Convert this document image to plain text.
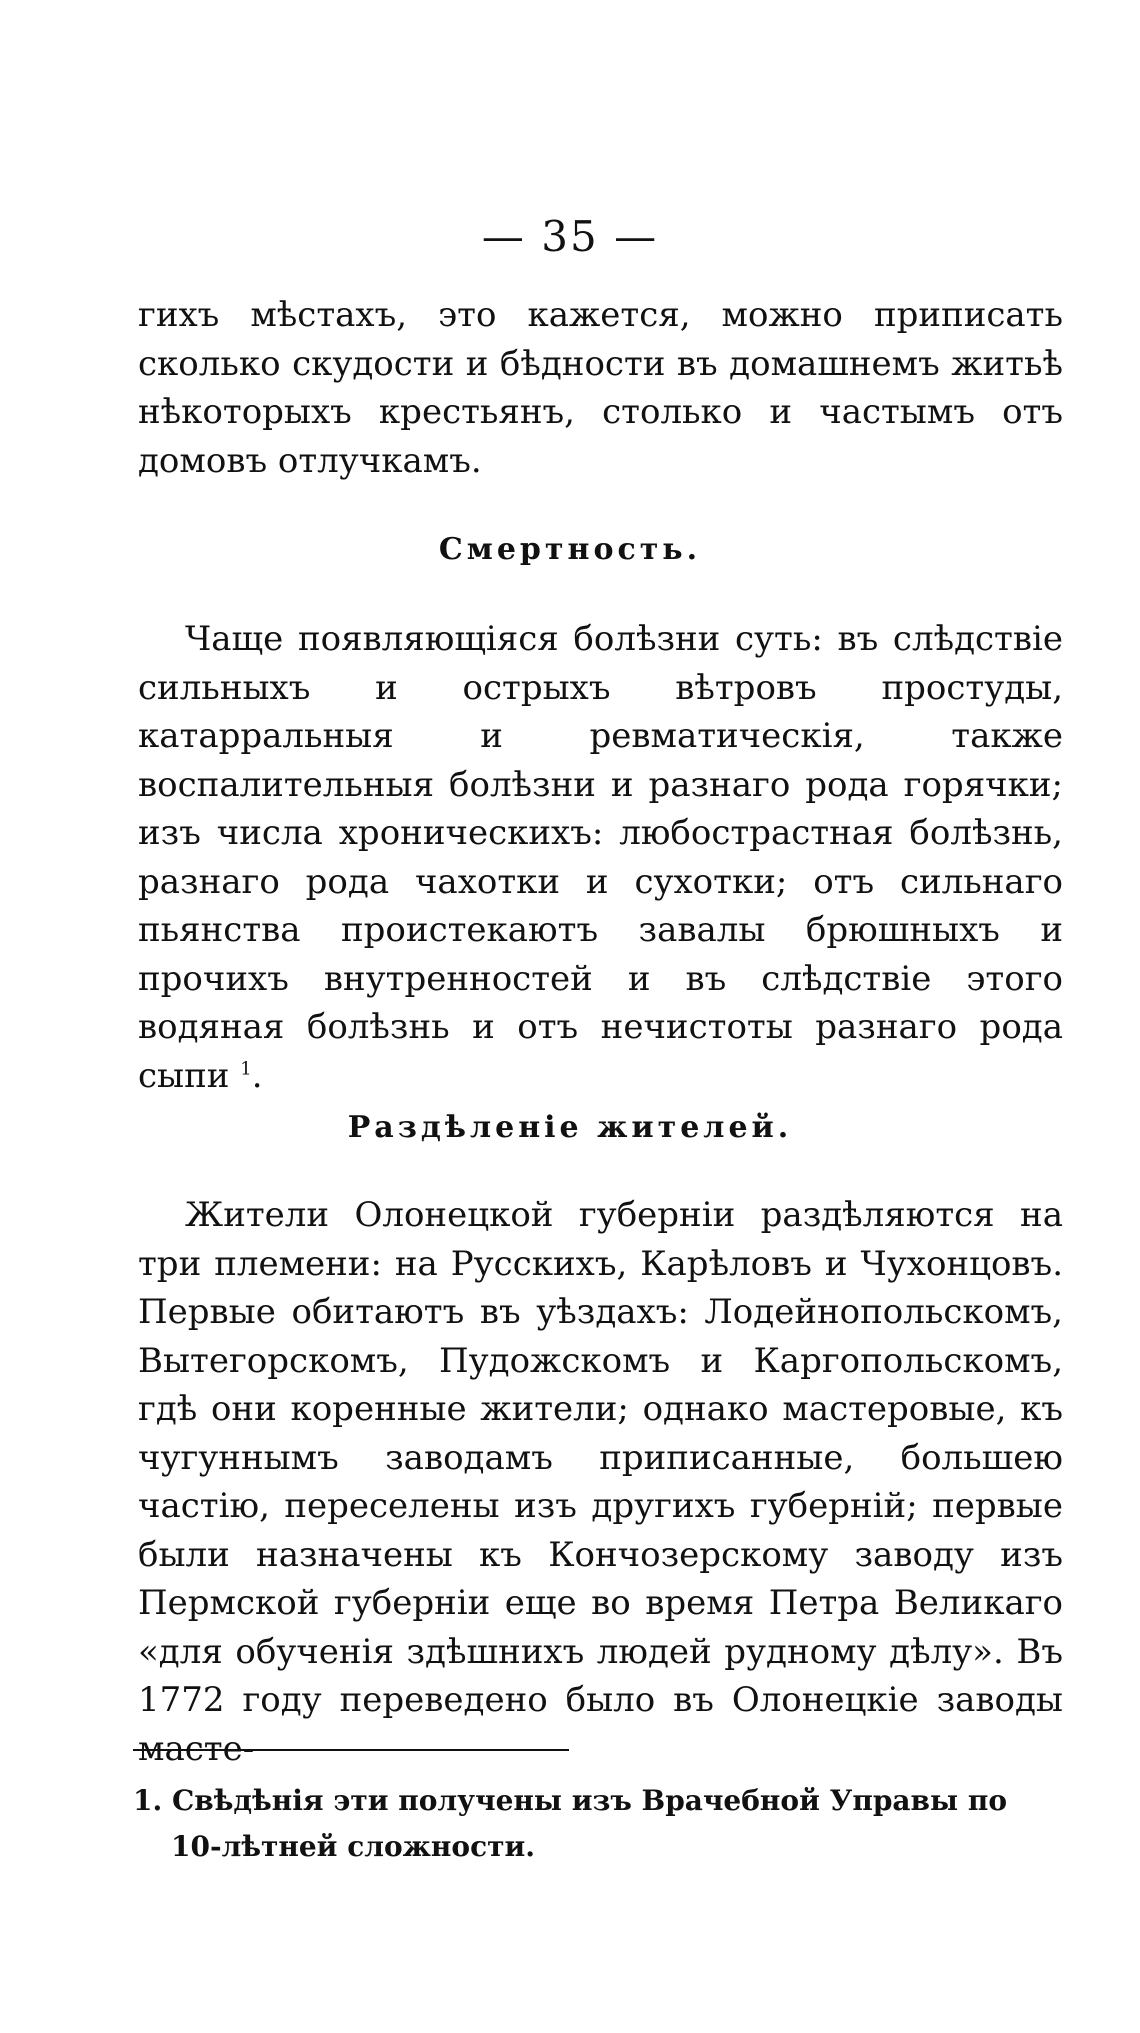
— 35 —
гихъ мѣстахъ, это кажется, можно приписать сколько скудости и бѣдности въ домашнемъ житьѣ нѣкоторыхъ крестьянъ, столько и частымъ отъ домовъ отлучкамъ.
Смертность.
Чаще появляющіяся болѣзни суть: въ слѣдствіе сильныхъ и острыхъ вѣтровъ простуды, катарральныя и ревматическія, также воспалительныя болѣзни и разнаго рода горячки; изъ числа хроническихъ: любострастная болѣзнь, разнаго рода чахотки и сухотки; отъ сильнаго пьянства проистекаютъ завалы брюшныхъ и прочихъ внутренностей и въ слѣдствіе этого водяная болѣзнь и отъ нечистоты разнаго рода сыпи $^1$.
Раздѣленіе жителей.
Жители Олонецкой губерніи раздѣляются на три племени: на Русскихъ, Карѣловъ и Чухонцовъ. Первые обитаютъ въ уѣздахъ: Лодейнопольскомъ, Вытегорскомъ, Пудожскомъ и Каргопольскомъ, гдѣ они коренные жители; однако мастеровые, къ чугуннымъ заводамъ приписанные, большею частію, переселены изъ другихъ губерній; первые были назначены къ Кончозерскому заводу изъ Пермской губерніи еще во время Петра Великаго «для обученія здѣшнихъ людей рудному дѣлу». Въ 1772 году переведено было въ Олонецкіе заводы масте-
1. Свѣдѣнія эти получены изъ Врачебной Управы по
10-лѣтней сложности.
